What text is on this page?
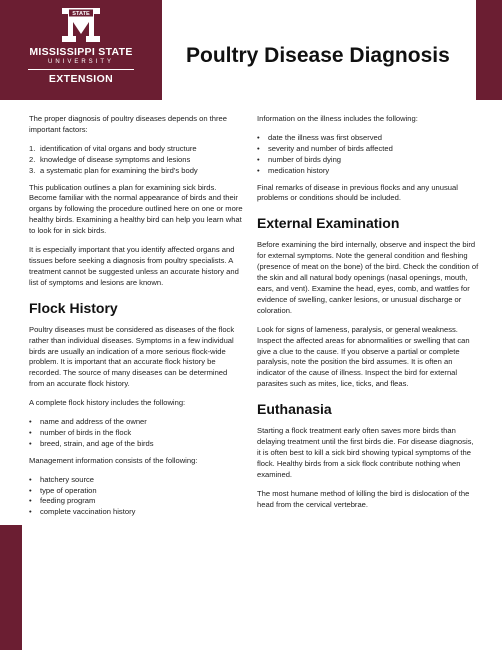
STATE
MISSISSIPPI STATE
UNIVERSITY
EXTENSION
Poultry Disease Diagnosis

The proper diagnosis of poultry diseases depends on three important factors:

1. identification of vital organs and body structure
2. knowledge of disease symptoms and lesions
3. a systematic plan for examining the bird’s body

This publication outlines a plan for examining sick birds. Become familiar with the normal appearance of birds and their organs by following the procedure outlined here on one or more healthy birds. Examining a healthy bird can help you learn what to look for in sick birds.

It is especially important that you identify affected organs and tissues before seeking a diagnosis from poultry specialists. A treatment cannot be suggested unless an accurate history and list of symptoms and lesions are known.

Flock History

Poultry diseases must be considered as diseases of the flock rather than individual diseases. Symptoms in a few individual birds are usually an indication of a more serious flock-wide problem. It is important that an accurate flock history be recorded. The source of many diseases can be determined from an accurate flock history.

A complete flock history includes the following:

• name and address of the owner
• number of birds in the flock
• breed, strain, and age of the birds

Management information consists of the following:

• hatchery source
• type of operation
• feeding program
• complete vaccination history

Information on the illness includes the following:

• date the illness was first observed
• severity and number of birds affected
• number of birds dying
• medication history

Final remarks of disease in previous flocks and any unusual problems or conditions should be included.

External Examination

Before examining the bird internally, observe and inspect the bird for external symptoms. Note the general condition and fleshing (presence of meat on the bone) of the bird. Check the condition of the skin and all natural body openings (nasal openings, mouth, ears, and vent). Examine the head, eyes, comb, and wattles for evidence of swelling, canker lesions, or unusual discharge or coloration.

Look for signs of lameness, paralysis, or general weakness. Inspect the affected areas for abnormalities or swelling that can give a clue to the cause. If you observe a partial or complete paralysis, note the position the bird assumes. It is often an indicator of the cause of illness. Inspect the bird for external parasites such as mites, lice, ticks, and fleas.

Euthanasia

Starting a flock treatment early often saves more birds than delaying treatment until the first birds die. For disease diagnosis, it is often best to kill a sick bird showing typical symptoms of the flock. Healthy birds from a sick flock contribute nothing when examined.

The most humane method of killing the bird is dislocation of the head from the cervical vertebrae.
